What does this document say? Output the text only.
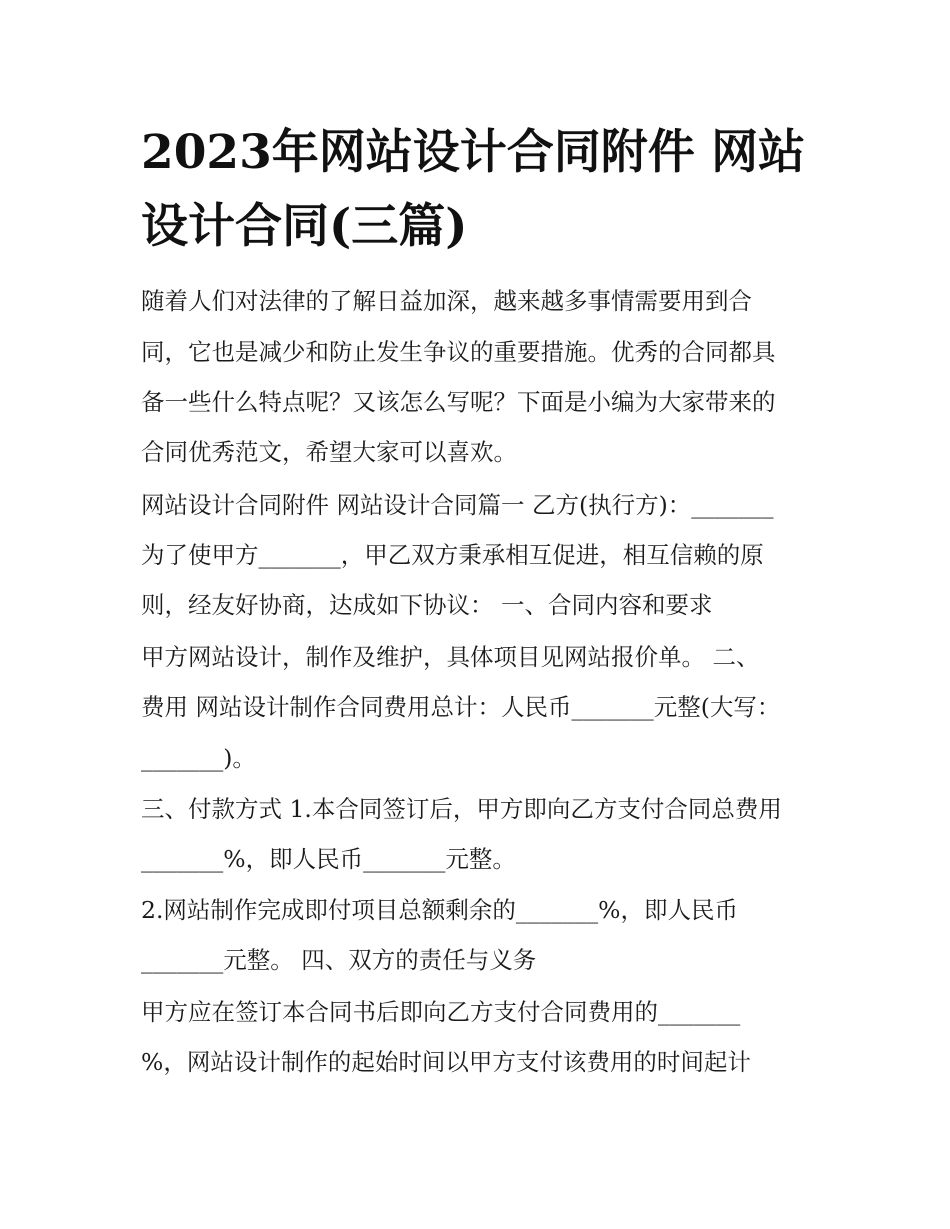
2023年网站设计合同附件 网站设计合同(三篇)

随着人们对法律的了解日益加深，越来越多事情需要用到合

同，它也是减少和防止发生争议的重要措施。优秀的合同都具

备一些什么特点呢？又该怎么写呢？下面是小编为大家带来的

合同优秀范文，希望大家可以喜欢。

网站设计合同附件 网站设计合同篇一 乙方(执行方)：_______

为了使甲方_______，甲乙双方秉承相互促进，相互信赖的原

则，经友好协商，达成如下协议： 一、合同内容和要求

甲方网站设计，制作及维护，具体项目见网站报价单。 二、

费用 网站设计制作合同费用总计：人民币_______元整(大写：

_______)。

三、付款方式 1.本合同签订后，甲方即向乙方支付合同总费用

_______%，即人民币_______元整。

2.网站制作完成即付项目总额剩余的_______%，即人民币

_______元整。 四、双方的责任与义务

甲方应在签订本合同书后即向乙方支付合同费用的_______

%，网站设计制作的起始时间以甲方支付该费用的时间起计
